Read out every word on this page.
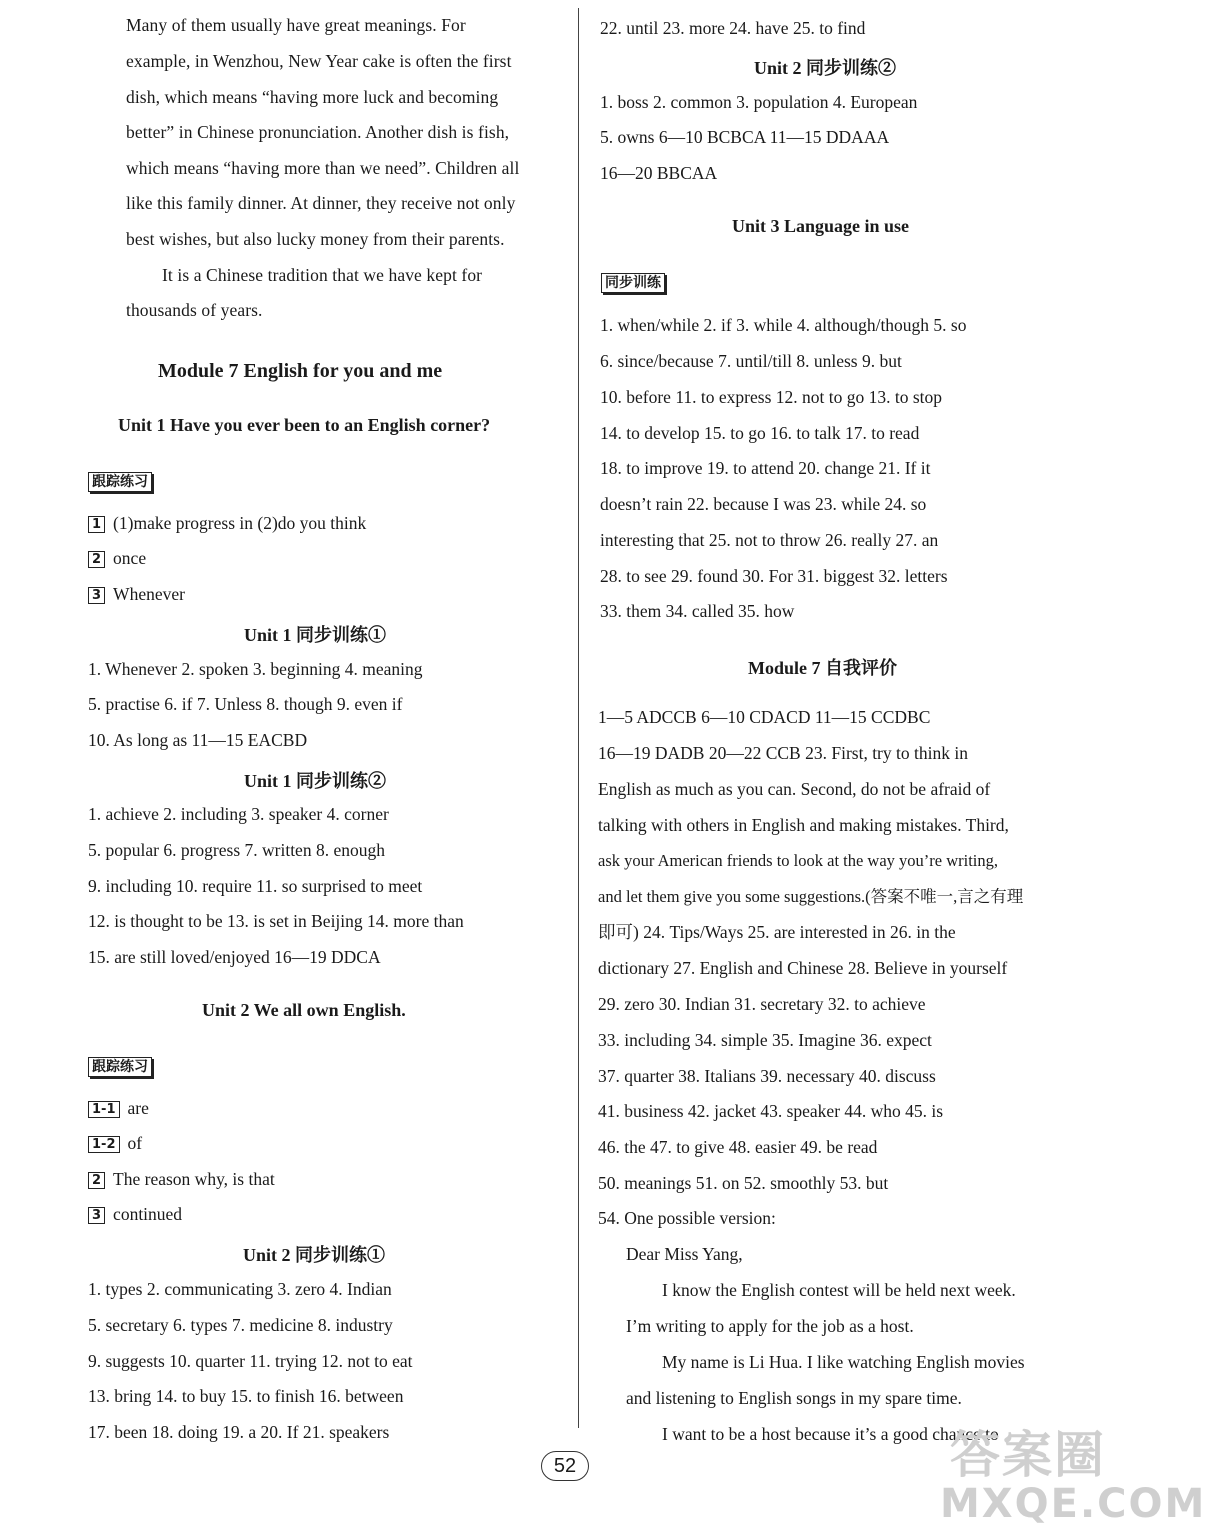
Many of them usually have great meanings. For
example, in Wenzhou, New Year cake is often the first
dish, which means “having more luck and becoming
better” in Chinese pronunciation. Another dish is fish,
which means “having more than we need”. Children all
like this family dinner. At dinner, they receive not only
best wishes, but also lucky money from their parents.
It is a Chinese tradition that we have kept for
thousands of years.
Module 7 English for you and me
Unit 1 Have you ever been to an English corner?
跟踪练习
1 (1)make progress in (2)do you think
2 once
3 Whenever
Unit 1 同步训练①
1. Whenever 2. spoken 3. beginning 4. meaning
5. practise 6. if 7. Unless 8. though 9. even if
10. As long as 11—15 EACBD
Unit 1 同步训练②
1. achieve 2. including 3. speaker 4. corner
5. popular 6. progress 7. written 8. enough
9. including 10. require 11. so surprised to meet
12. is thought to be 13. is set in Beijing 14. more than
15. are still loved/enjoyed 16—19 DDCA
Unit 2 We all own English.
跟踪练习
1-1 are
1-2 of
2 The reason why, is that
3 continued
Unit 2 同步训练①
1. types 2. communicating 3. zero 4. Indian
5. secretary 6. types 7. medicine 8. industry
9. suggests 10. quarter 11. trying 12. not to eat
13. bring 14. to buy 15. to finish 16. between
17. been 18. doing 19. a 20. If 21. speakers
22. until 23. more 24. have 25. to find
Unit 2 同步训练②
1. boss 2. common 3. population 4. European
5. owns 6—10 BCBCA 11—15 DDAAA
16—20 BBCAA
Unit 3 Language in use
同步训练
1. when/while 2. if 3. while 4. although/though 5. so
6. since/because 7. until/till 8. unless 9. but
10. before 11. to express 12. not to go 13. to stop
14. to develop 15. to go 16. to talk 17. to read
18. to improve 19. to attend 20. change 21. If it
doesn’t rain 22. because I was 23. while 24. so
interesting that 25. not to throw 26. really 27. an
28. to see 29. found 30. For 31. biggest 32. letters
33. them 34. called 35. how
Module 7 自我评价
1—5 ADCCB 6—10 CDACD 11—15 CCDBC
16—19 DADB 20—22 CCB 23. First, try to think in
English as much as you can. Second, do not be afraid of
talking with others in English and making mistakes. Third,
ask your American friends to look at the way you’re writing,
and let them give you some suggestions.(答案不唯一,言之有理
即可) 24. Tips/Ways 25. are interested in 26. in the
dictionary 27. English and Chinese 28. Believe in yourself
29. zero 30. Indian 31. secretary 32. to achieve
33. including 34. simple 35. Imagine 36. expect
37. quarter 38. Italians 39. necessary 40. discuss
41. business 42. jacket 43. speaker 44. who 45. is
46. the 47. to give 48. easier 49. be read
50. meanings 51. on 52. smoothly 53. but
54. One possible version:
Dear Miss Yang,
I know the English contest will be held next week.
I’m writing to apply for the job as a host.
My name is Li Hua. I like watching English movies
and listening to English songs in my spare time.
I want to be a host because it’s a good chance to
52	答案圈
MXQE.COM
